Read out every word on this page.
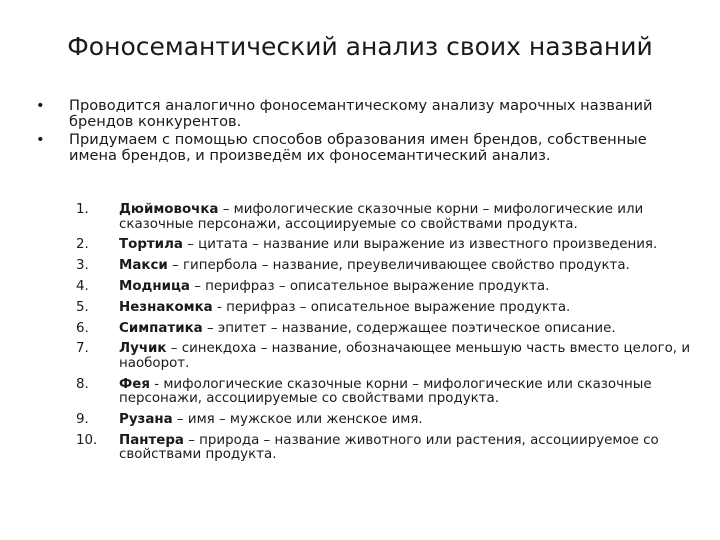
Фоносемантический анализ своих названий
•	Проводится аналогично фоносемантическому анализу марочных названий брендов конкурентов.
•	Придумаем с помощью способов образования имен брендов, собственные имена брендов, и произведём их фоносемантический анализ.
1.	Дюймовочка – мифологические сказочные корни – мифологические или сказочные персонажи, ассоциируемые со свойствами продукта.
2.	Тортила – цитата – название или выражение из известного произведения.
3.	Макси – гипербола – название, преувеличивающее свойство продукта.
4.	Модница – перифраз – описательное выражение продукта.
5.	Незнакомка - перифраз – описательное выражение продукта.
6.	Симпатика – эпитет – название, содержащее поэтическое описание.
7.	Лучик – синекдоха – название, обозначающее меньшую часть вместо целого, и наоборот.
8.	Фея - мифологические сказочные корни – мифологические или сказочные персонажи, ассоциируемые со свойствами продукта.
9.	Рузана – имя – мужское или женское имя.
10.	Пантера – природа – название животного или растения, ассоциируемое со свойствами продукта.
